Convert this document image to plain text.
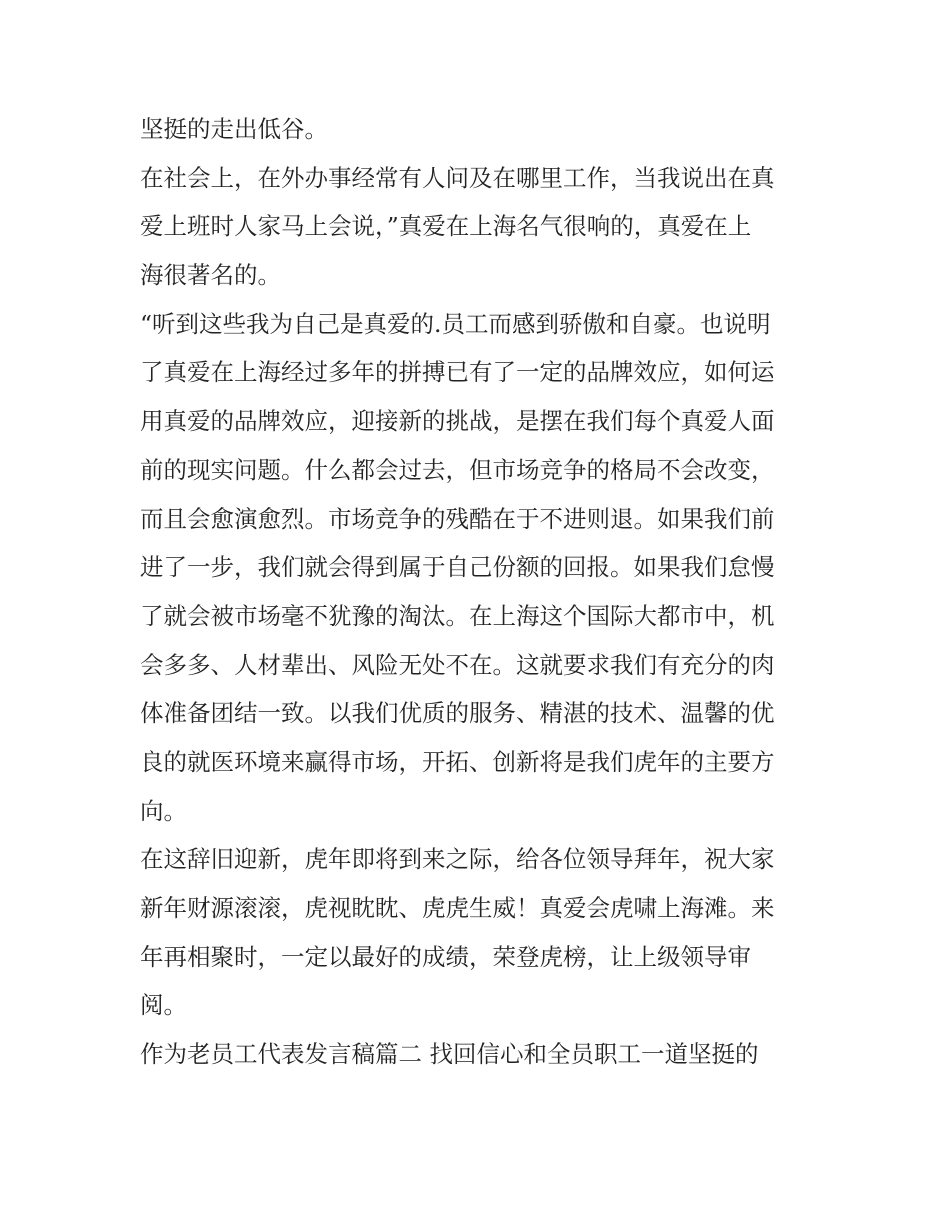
坚挺的走出低谷。
在社会上，在外办事经常有人问及在哪里工作，当我说出在真
爱上班时人家马上会说，”真爱在上海名气很响的，真爱在上
海很著名的。
“听到这些我为自己是真爱的.员工而感到骄傲和自豪。也说明
了真爱在上海经过多年的拼搏已有了一定的品牌效应，如何运
用真爱的品牌效应，迎接新的挑战，是摆在我们每个真爱人面
前的现实问题。什么都会过去，但市场竞争的格局不会改变，
而且会愈演愈烈。市场竞争的残酷在于不进则退。如果我们前
进了一步，我们就会得到属于自己份额的回报。如果我们怠慢
了就会被市场毫不犹豫的淘汰。在上海这个国际大都市中，机
会多多、人材辈出、风险无处不在。这就要求我们有充分的肉
体准备团结一致。以我们优质的服务、精湛的技术、温馨的优
良的就医环境来赢得市场，开拓、创新将是我们虎年的主要方
向。
在这辞旧迎新，虎年即将到来之际，给各位领导拜年，祝大家
新年财源滚滚，虎视眈眈、虎虎生威！真爱会虎啸上海滩。来
年再相聚时，一定以最好的成绩，荣登虎榜，让上级领导审
阅。
作为老员工代表发言稿篇二 找回信心和全员职工一道坚挺的
